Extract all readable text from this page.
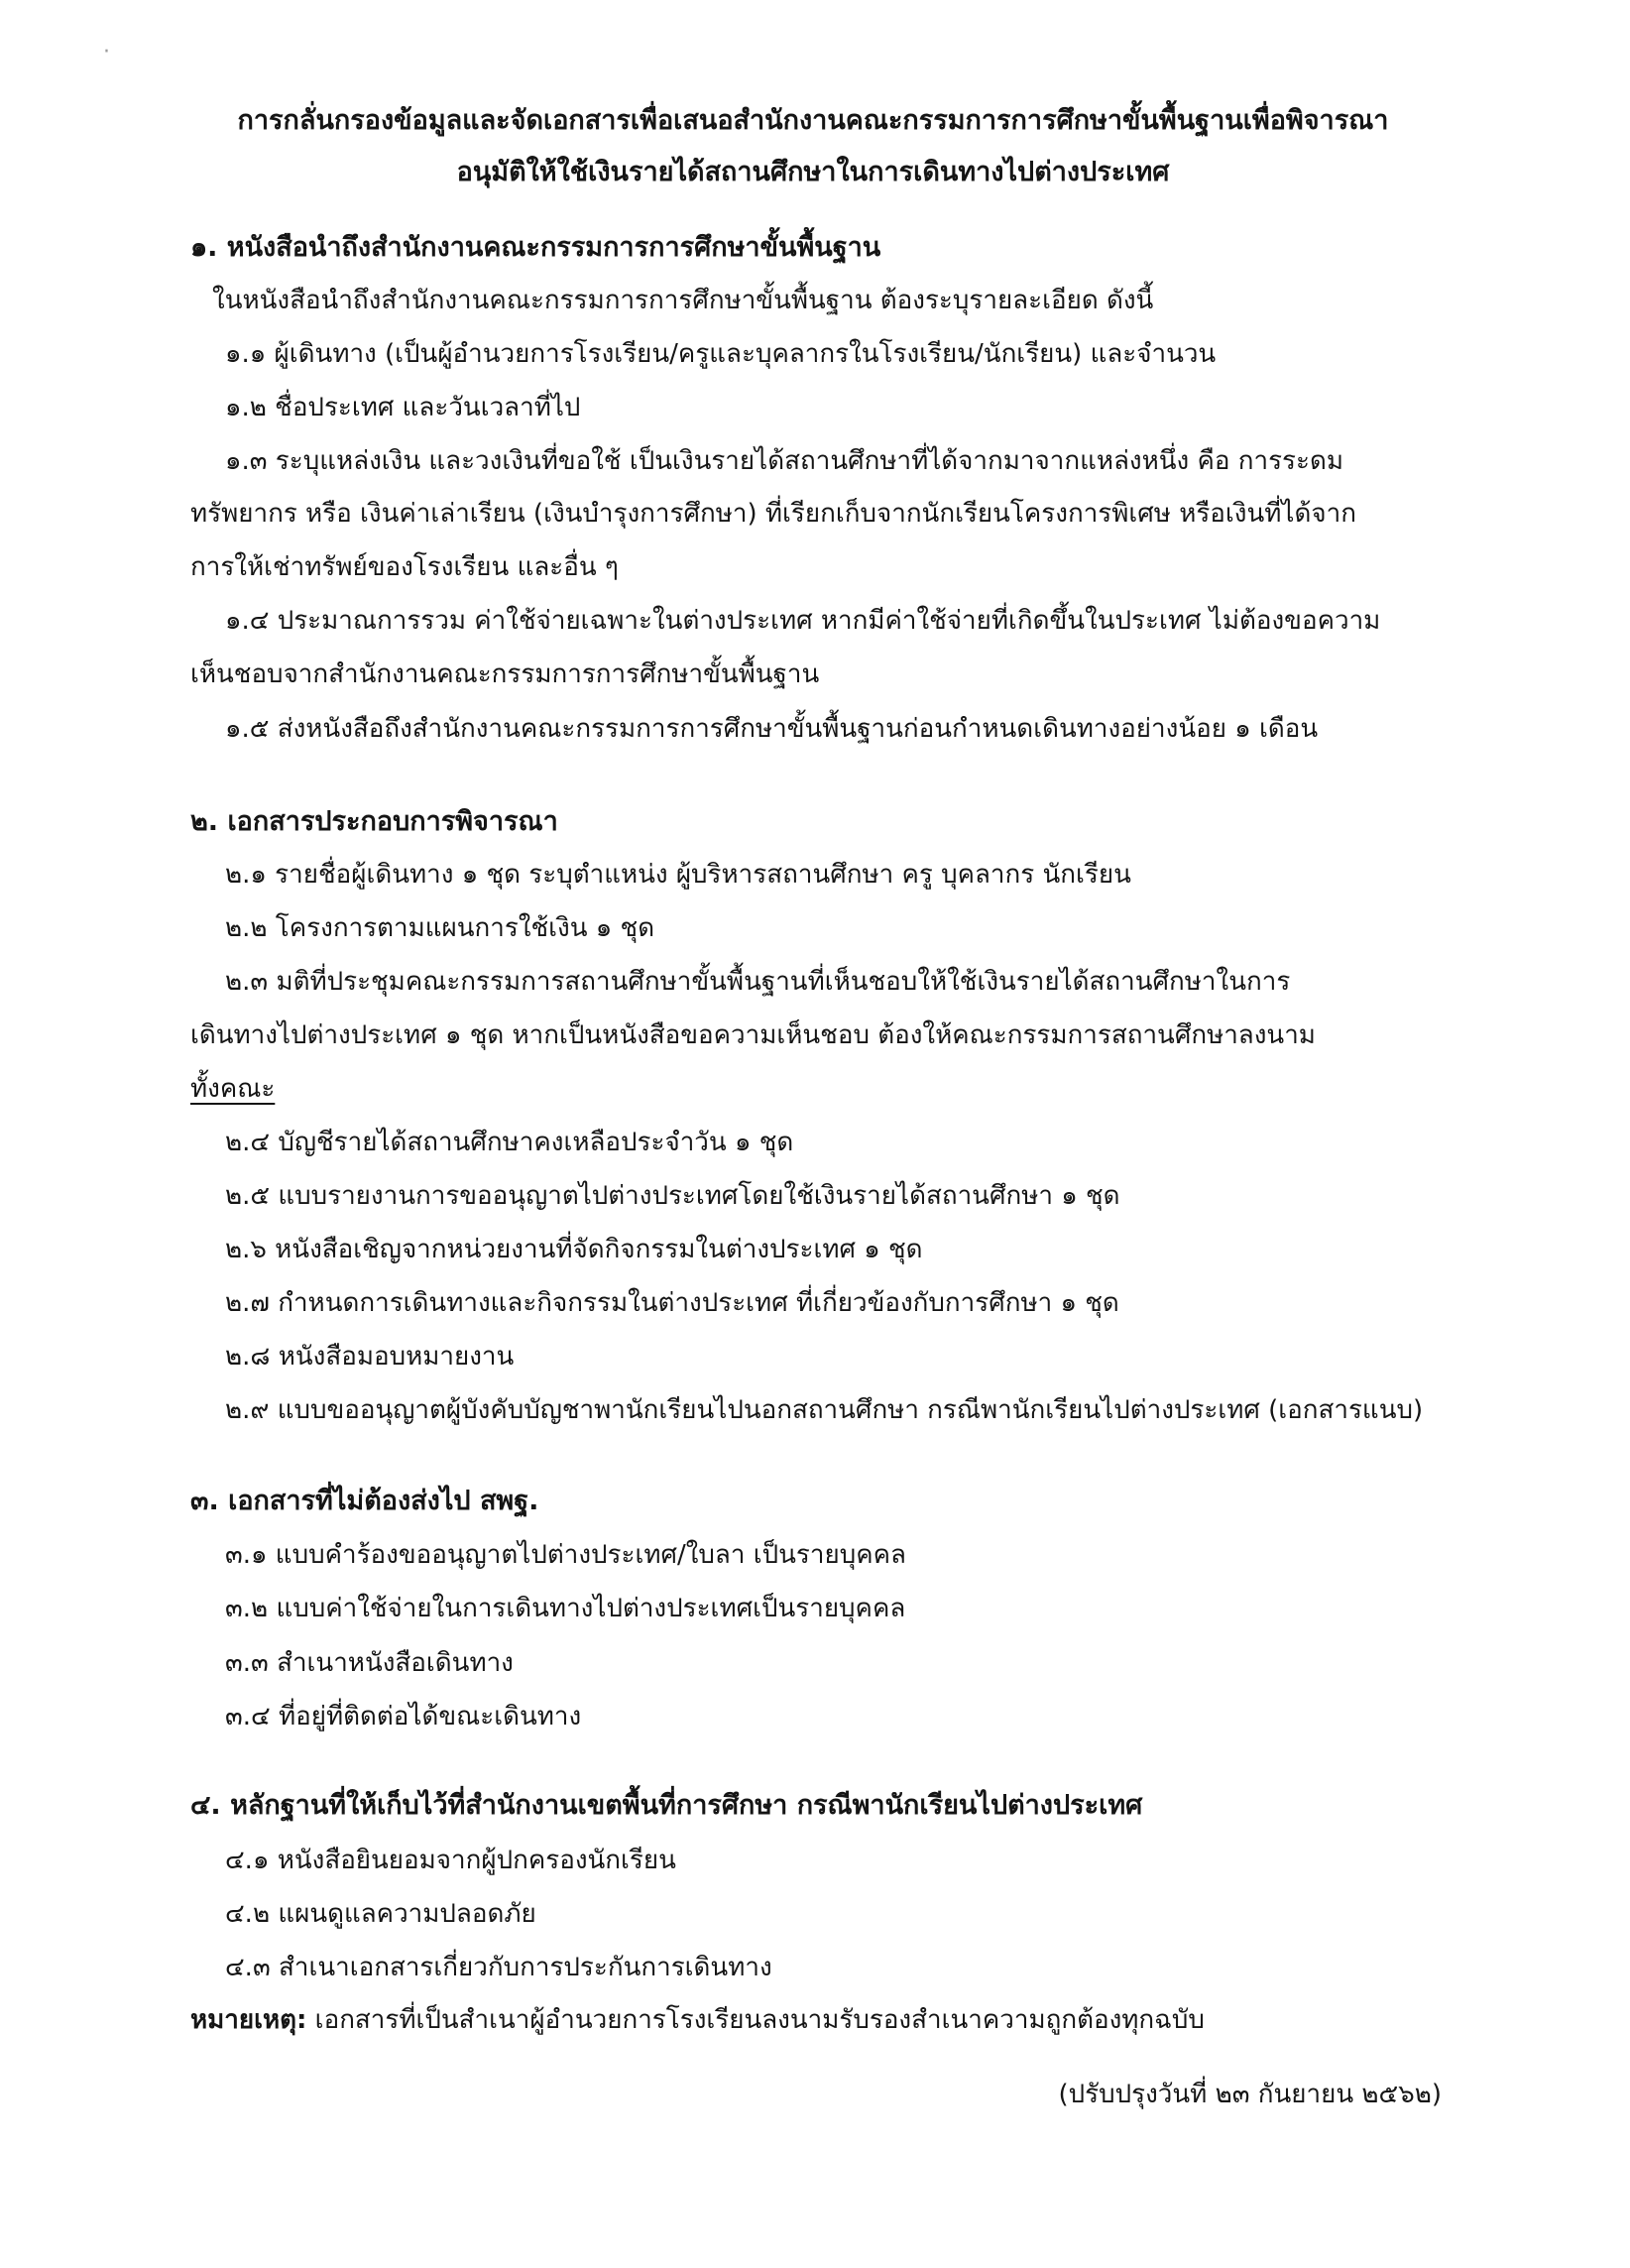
·
การกลั่นกรองข้อมูลและจัดเอกสารเพื่อเสนอสำนักงานคณะกรรมการการศึกษาขั้นพื้นฐานเพื่อพิจารณา
อนุมัติให้ใช้เงินรายได้สถานศึกษาในการเดินทางไปต่างประเทศ
๑. หนังสือนำถึงสำนักงานคณะกรรมการการศึกษาขั้นพื้นฐาน
ในหนังสือนำถึงสำนักงานคณะกรรมการการศึกษาขั้นพื้นฐาน ต้องระบุรายละเอียด ดังนี้
๑.๑ ผู้เดินทาง (เป็นผู้อำนวยการโรงเรียน/ครูและบุคลากรในโรงเรียน/นักเรียน) และจำนวน
๑.๒ ชื่อประเทศ และวันเวลาที่ไป
๑.๓ ระบุแหล่งเงิน และวงเงินที่ขอใช้ เป็นเงินรายได้สถานศึกษาที่ได้จากมาจากแหล่งหนึ่ง คือ การระดม
ทรัพยากร หรือ เงินค่าเล่าเรียน (เงินบำรุงการศึกษา) ที่เรียกเก็บจากนักเรียนโครงการพิเศษ หรือเงินที่ได้จาก
การให้เช่าทรัพย์ของโรงเรียน และอื่น ๆ
๑.๔ ประมาณการรวม ค่าใช้จ่ายเฉพาะในต่างประเทศ หากมีค่าใช้จ่ายที่เกิดขึ้นในประเทศ ไม่ต้องขอความ
เห็นชอบจากสำนักงานคณะกรรมการการศึกษาขั้นพื้นฐาน
๑.๕ ส่งหนังสือถึงสำนักงานคณะกรรมการการศึกษาขั้นพื้นฐานก่อนกำหนดเดินทางอย่างน้อย ๑ เดือน
๒. เอกสารประกอบการพิจารณา
๒.๑ รายชื่อผู้เดินทาง ๑ ชุด ระบุตำแหน่ง ผู้บริหารสถานศึกษา ครู บุคลากร นักเรียน
๒.๒ โครงการตามแผนการใช้เงิน ๑ ชุด
๒.๓ มติที่ประชุมคณะกรรมการสถานศึกษาขั้นพื้นฐานที่เห็นชอบให้ใช้เงินรายได้สถานศึกษาในการ
เดินทางไปต่างประเทศ ๑ ชุด หากเป็นหนังสือขอความเห็นชอบ ต้องให้คณะกรรมการสถานศึกษาลงนาม
ทั้งคณะ
๒.๔ บัญชีรายได้สถานศึกษาคงเหลือประจำวัน ๑ ชุด
๒.๕ แบบรายงานการขออนุญาตไปต่างประเทศโดยใช้เงินรายได้สถานศึกษา ๑ ชุด
๒.๖ หนังสือเชิญจากหน่วยงานที่จัดกิจกรรมในต่างประเทศ ๑ ชุด
๒.๗ กำหนดการเดินทางและกิจกรรมในต่างประเทศ ที่เกี่ยวข้องกับการศึกษา ๑ ชุด
๒.๘ หนังสือมอบหมายงาน
๒.๙ แบบขออนุญาตผู้บังคับบัญชาพานักเรียนไปนอกสถานศึกษา กรณีพานักเรียนไปต่างประเทศ (เอกสารแนบ)
๓. เอกสารที่ไม่ต้องส่งไป สพฐ.
๓.๑ แบบคำร้องขออนุญาตไปต่างประเทศ/ใบลา เป็นรายบุคคล
๓.๒ แบบค่าใช้จ่ายในการเดินทางไปต่างประเทศเป็นรายบุคคล
๓.๓ สำเนาหนังสือเดินทาง
๓.๔ ที่อยู่ที่ติดต่อได้ขณะเดินทาง
๔. หลักฐานที่ให้เก็บไว้ที่สำนักงานเขตพื้นที่การศึกษา กรณีพานักเรียนไปต่างประเทศ
๔.๑ หนังสือยินยอมจากผู้ปกครองนักเรียน
๔.๒ แผนดูแลความปลอดภัย
๔.๓ สำเนาเอกสารเกี่ยวกับการประกันการเดินทาง
หมายเหตุ: เอกสารที่เป็นสำเนาผู้อำนวยการโรงเรียนลงนามรับรองสำเนาความถูกต้องทุกฉบับ
(ปรับปรุงวันที่ ๒๓ กันยายน ๒๕๖๒)
